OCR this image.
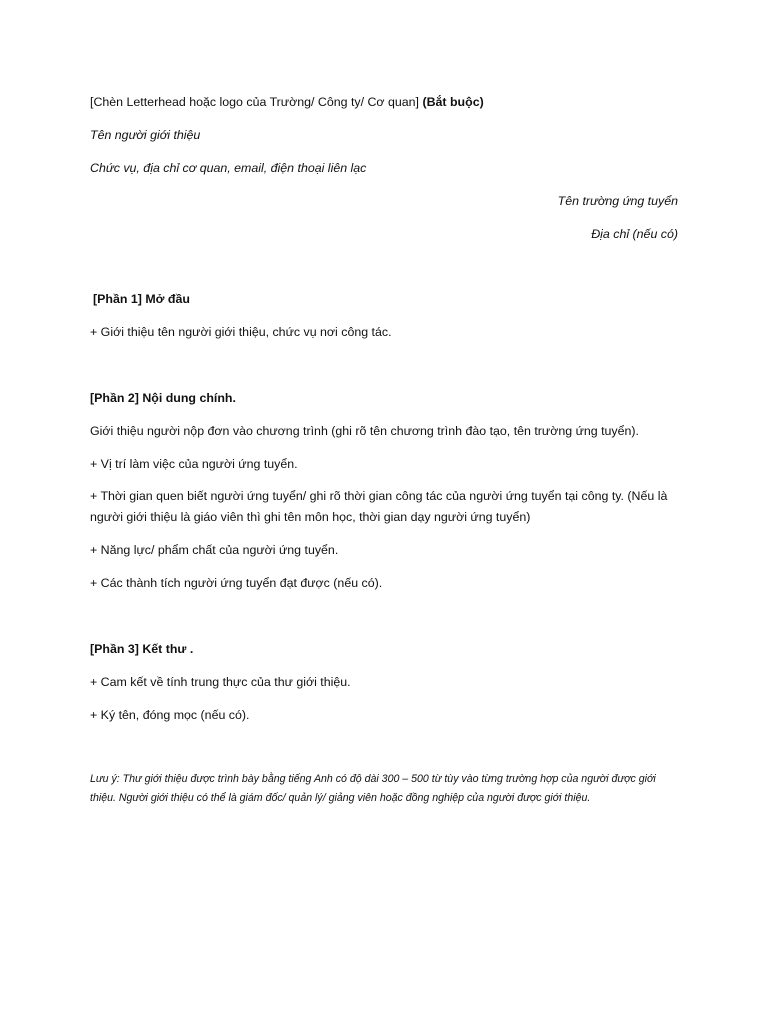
[Chèn Letterhead hoặc logo của Trường/ Công ty/ Cơ quan] (Bắt buộc)
Tên người giới thiệu
Chức vụ, địa chỉ cơ quan, email, điện thoại liên lạc
Tên trường ứng tuyển
Địa chỉ (nếu có)
[Phần 1] Mở đầu
+ Giới thiệu tên người giới thiệu, chức vụ nơi công tác.
[Phần 2] Nội dung chính.
Giới thiệu người nộp đơn vào chương trình (ghi rõ tên chương trình đào tạo, tên trường ứng tuyển).
+ Vị trí làm việc của người ứng tuyển.
+ Thời gian quen biết người ứng tuyển/ ghi rõ thời gian công tác của người ứng tuyển tại công ty. (Nếu là người giới thiệu là giáo viên thì ghi tên môn học, thời gian dạy người ứng tuyển)
+ Năng lực/ phẩm chất của người ứng tuyển.
+ Các thành tích người ứng tuyển đạt được (nếu có).
[Phần 3] Kết thư .
+ Cam kết về tính trung thực của thư giới thiệu.
+ Ký tên, đóng mọc (nếu có).
Lưu ý: Thư giới thiệu được trình bày bằng tiếng Anh có độ dài 300 – 500 từ tùy vào từng trường hợp của người được giới thiệu. Người giới thiệu có thể là giám đốc/ quản lý/ giảng viên hoặc đồng nghiệp của người được giới thiệu.
